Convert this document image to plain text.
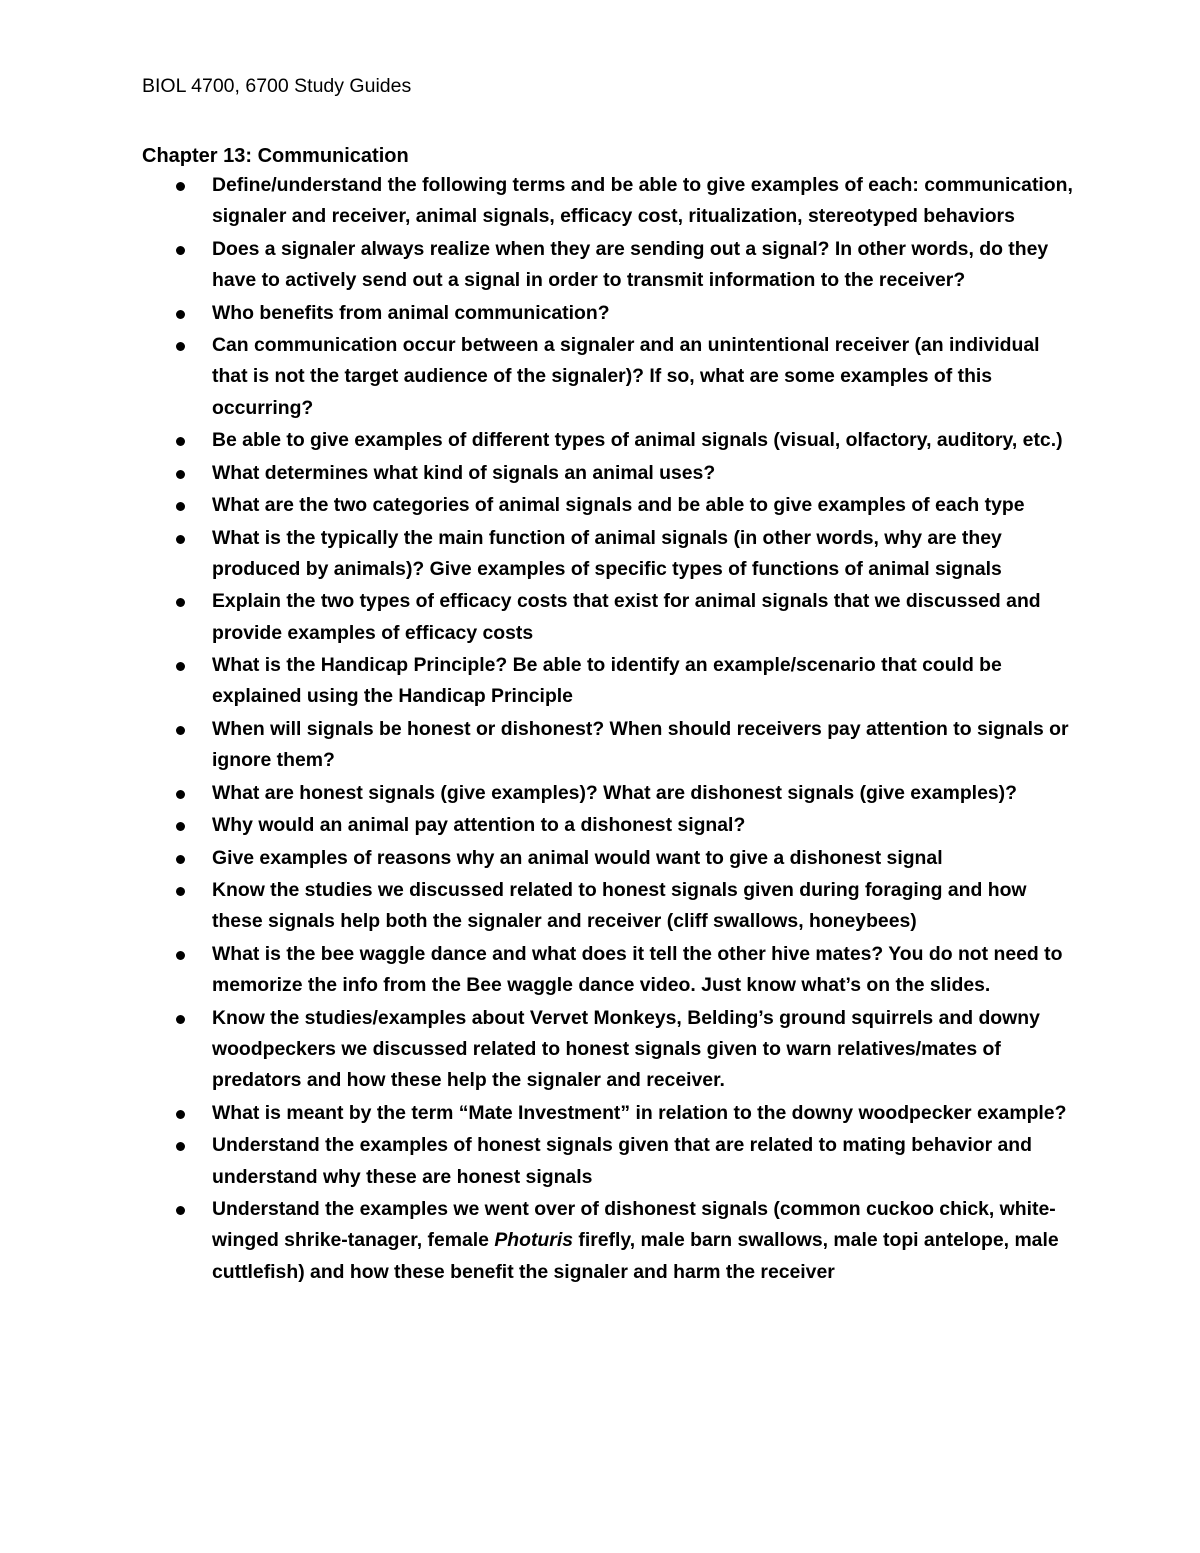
BIOL 4700, 6700 Study Guides
Chapter 13: Communication
Define/understand the following terms and be able to give examples of each: communication, signaler and receiver, animal signals, efficacy cost, ritualization, stereotyped behaviors
Does a signaler always realize when they are sending out a signal? In other words, do they have to actively send out a signal in order to transmit information to the receiver?
Who benefits from animal communication?
Can communication occur between a signaler and an unintentional receiver (an individual that is not the target audience of the signaler)? If so, what are some examples of this occurring?
Be able to give examples of different types of animal signals (visual, olfactory, auditory, etc.)
What determines what kind of signals an animal uses?
What are the two categories of animal signals and be able to give examples of each type
What is the typically the main function of animal signals (in other words, why are they produced by animals)? Give examples of specific types of functions of animal signals
Explain the two types of efficacy costs that exist for animal signals that we discussed and provide examples of efficacy costs
What is the Handicap Principle? Be able to identify an example/scenario that could be explained using the Handicap Principle
When will signals be honest or dishonest? When should receivers pay attention to signals or ignore them?
What are honest signals (give examples)? What are dishonest signals (give examples)?
Why would an animal pay attention to a dishonest signal?
Give examples of reasons why an animal would want to give a dishonest signal
Know the studies we discussed related to honest signals given during foraging and how these signals help both the signaler and receiver (cliff swallows, honeybees)
What is the bee waggle dance and what does it tell the other hive mates? You do not need to memorize the info from the Bee waggle dance video. Just know what’s on the slides.
Know the studies/examples about Vervet Monkeys, Belding’s ground squirrels and downy woodpeckers we discussed related to honest signals given to warn relatives/mates of predators and how these help the signaler and receiver.
What is meant by the term “Mate Investment” in relation to the downy woodpecker example?
Understand the examples of honest signals given that are related to mating behavior and understand why these are honest signals
Understand the examples we went over of dishonest signals (common cuckoo chick, white-winged shrike-tanager, female Photuris firefly, male barn swallows, male topi antelope, male cuttlefish) and how these benefit the signaler and harm the receiver
